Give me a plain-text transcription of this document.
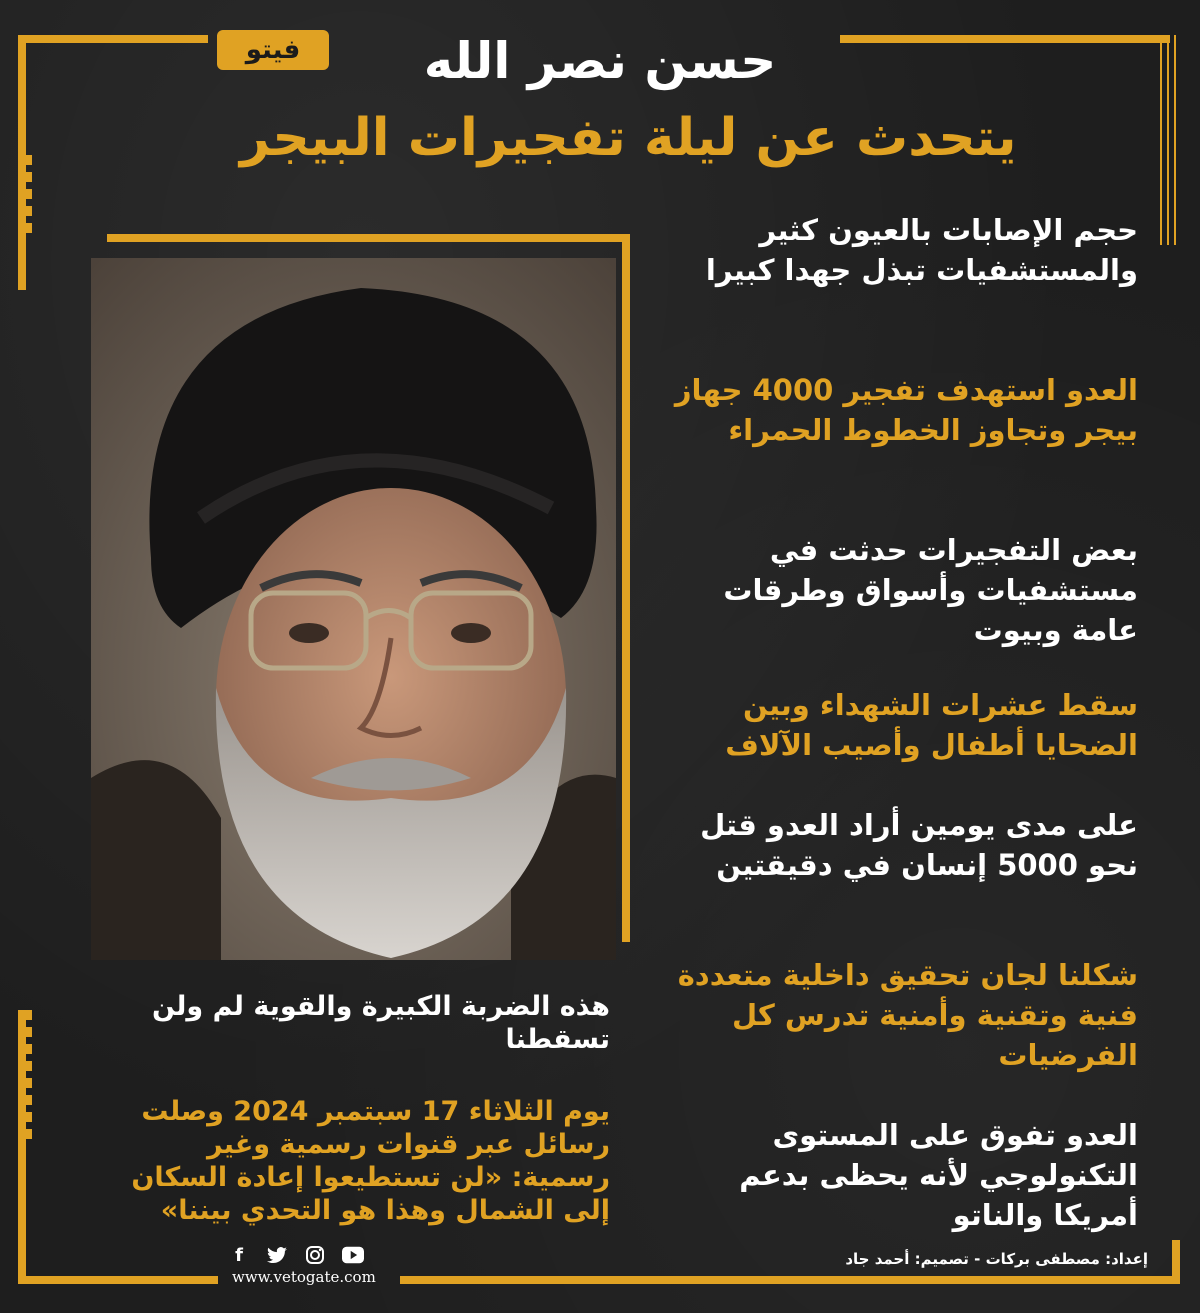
فيتو	حسن نصر الله
يتحدث عن ليلة تفجيرات البيجر

حجم الإصابات بالعيون كثير والمستشفيات تبذل جهدا كبيرا

العدو استهدف تفجير 4000 جهاز بيجر وتجاوز الخطوط الحمراء

بعض التفجيرات حدثت في مستشفيات وأسواق وطرقات عامة وبيوت

سقط عشرات الشهداء وبين الضحايا أطفال وأصيب الآلاف

على مدى يومين أراد العدو قتل نحو 5000 إنسان في دقيقتين

شكلنا لجان تحقيق داخلية متعددة فنية وتقنية وأمنية تدرس كل الفرضيات

العدو تفوق على المستوى التكنولوجي لأنه يحظى بدعم أمريكا والناتو

هذه الضربة الكبيرة والقوية لم ولن تسقطنا

يوم الثلاثاء 17 سبتمبر 2024 وصلت رسائل عبر قنوات رسمية وغير رسمية: «لن تستطيعوا إعادة السكان إلى الشمال وهذا هو التحدي بيننا»

f

www.vetogate.com

إعداد: مصطفى بركات - تصميم: أحمد جاد
